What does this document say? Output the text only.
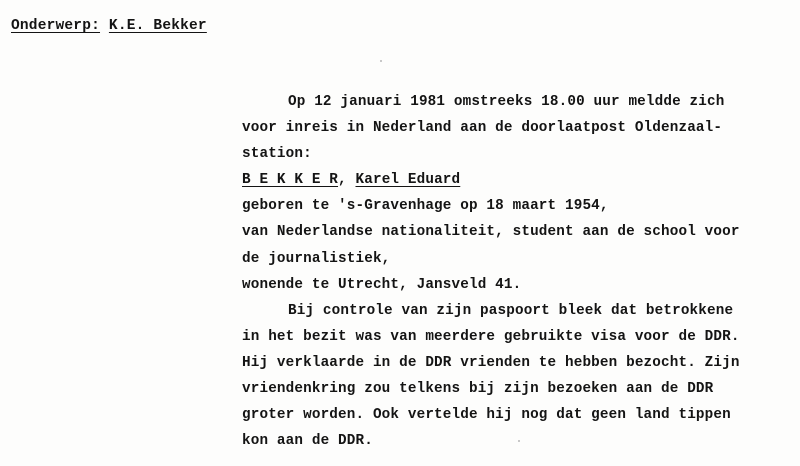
Onderwerp: K.E. Bekker
Op 12 januari 1981 omstreeks 18.00 uur meldde zich
voor inreis in Nederland aan de doorlaatpost Oldenzaal-
station:
B E K K E R, Karel Eduard
geboren te 's-Gravenhage op 18 maart 1954,
van Nederlandse nationaliteit, student aan de school voor
de journalistiek,
wonende te Utrecht, Jansveld 41.
Bij controle van zijn paspoort bleek dat betrokkene
in het bezit was van meerdere gebruikte visa voor de DDR.
Hij verklaarde in de DDR vrienden te hebben bezocht. Zijn
vriendenkring zou telkens bij zijn bezoeken aan de DDR
groter worden. Ook vertelde hij nog dat geen land tippen
kon aan de DDR.
